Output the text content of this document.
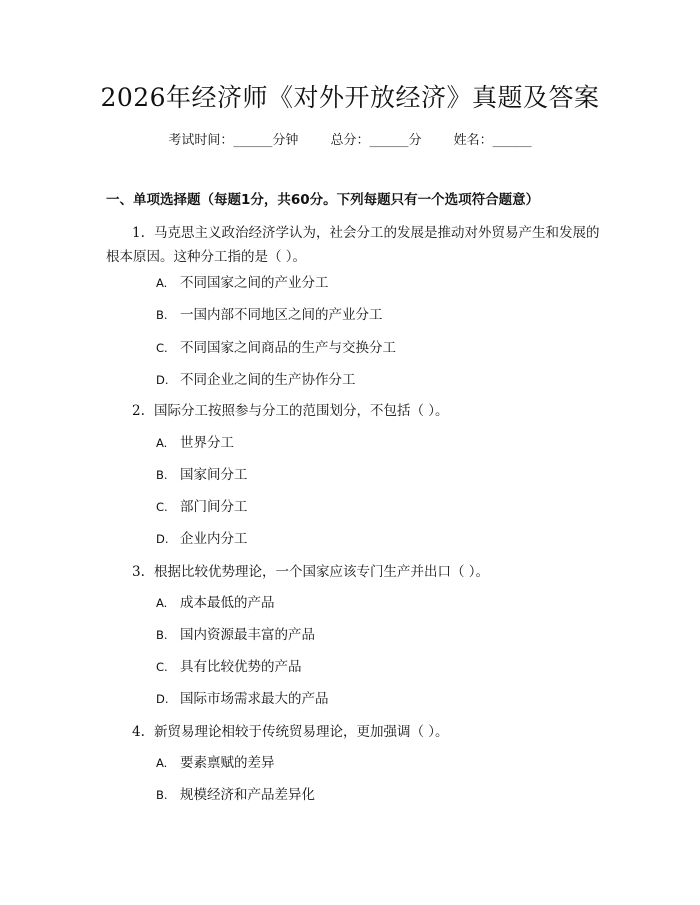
2026年经济师《对外开放经济》真题及答案
考试时间：______分钟 总分：______分 姓名：______
一、单项选择题（每题1分，共60分。下列每题只有一个选项符合题意）
1. 马克思主义政治经济学认为，社会分工的发展是推动对外贸易产生和发展的根本原因。这种分工指的是（ ）。
A. 不同国家之间的产业分工
B. 一国内部不同地区之间的产业分工
C. 不同国家之间商品的生产与交换分工
D. 不同企业之间的生产协作分工
2. 国际分工按照参与分工的范围划分，不包括（ ）。
A. 世界分工
B. 国家间分工
C. 部门间分工
D. 企业内分工
3. 根据比较优势理论，一个国家应该专门生产并出口（ ）。
A. 成本最低的产品
B. 国内资源最丰富的产品
C. 具有比较优势的产品
D. 国际市场需求最大的产品
4. 新贸易理论相较于传统贸易理论，更加强调（ ）。
A. 要素禀赋的差异
B. 规模经济和产品差异化
